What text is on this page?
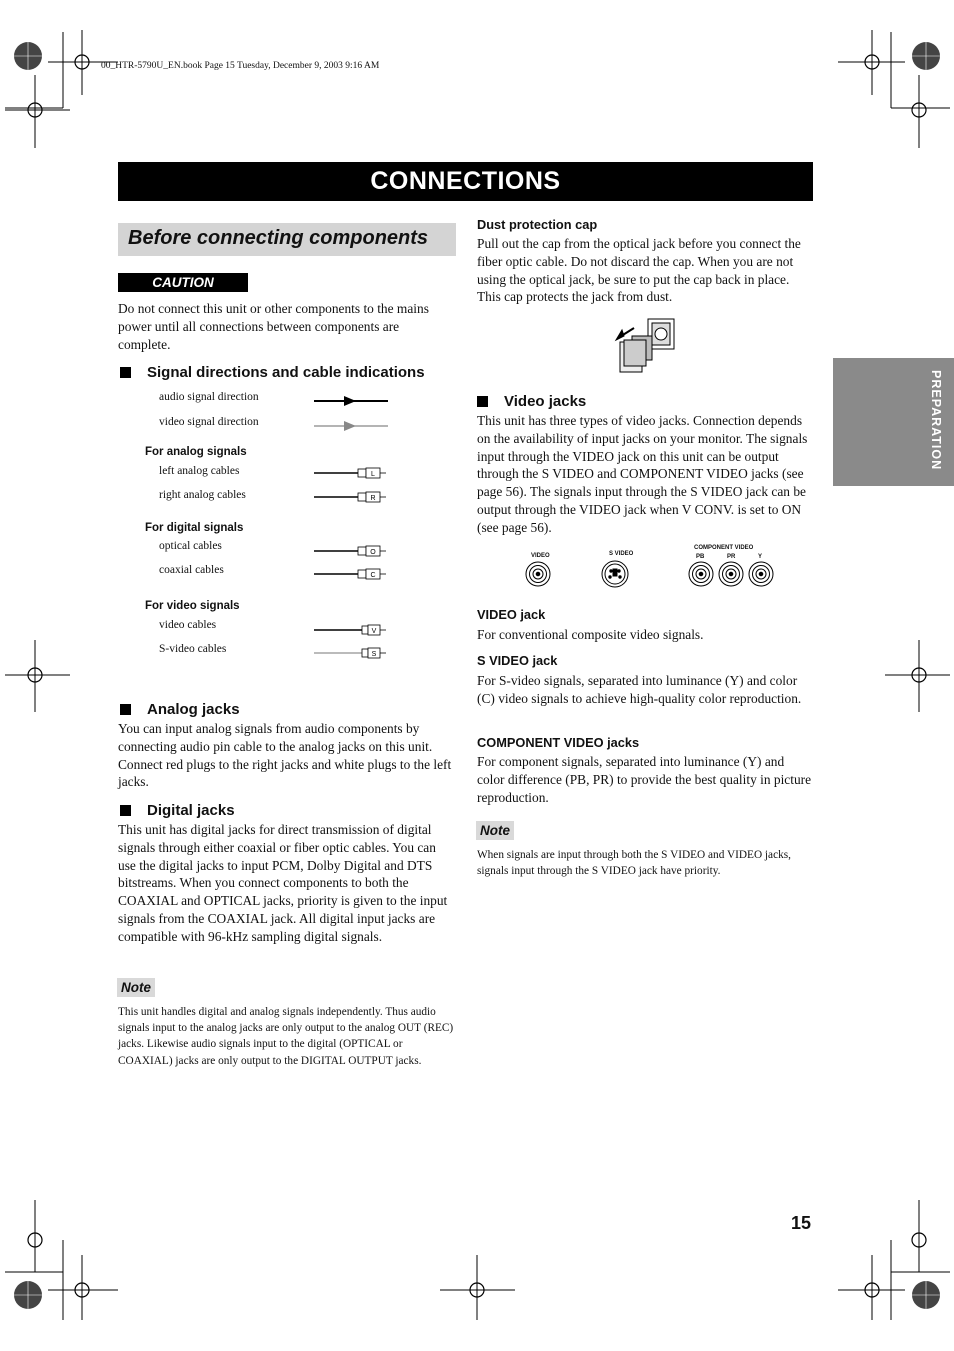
00_HTR-5790U_EN.book Page 15 Tuesday, December 9, 2003 9:16 AM
CONNECTIONS
Before connecting components
CAUTION
Do not connect this unit or other components to the mains power until all connections between components are complete.
Signal directions and cable indications
audio signal direction
video signal direction
For analog signals
left analog cables
right analog cables
For digital signals
optical cables
coaxial cables
For video signals
video cables
S-video cables
L
R
O
C
V
S
Analog jacks
You can input analog signals from audio components by connecting audio pin cable to the analog jacks on this unit. Connect red plugs to the right jacks and white plugs to the left jacks.
Digital jacks
This unit has digital jacks for direct transmission of digital signals through either coaxial or fiber optic cables. You can use the digital jacks to input PCM, Dolby Digital and DTS bitstreams. When you connect components to both the COAXIAL and OPTICAL jacks, priority is given to the input signals from the COAXIAL jack. All digital input jacks are compatible with 96-kHz sampling digital signals.
Note
This unit handles digital and analog signals independently. Thus audio signals input to the analog jacks are only output to the analog OUT (REC) jacks. Likewise audio signals input to the digital (OPTICAL or COAXIAL) jacks are only output to the DIGITAL OUTPUT jacks.
Dust protection cap
Pull out the cap from the optical jack before you connect the fiber optic cable. Do not discard the cap. When you are not using the optical jack, be sure to put the cap back in place. This cap protects the jack from dust.
Video jacks
This unit has three types of video jacks. Connection depends on the availability of input jacks on your monitor. The signals input through the VIDEO jack on this unit can be output through the S VIDEO and COMPONENT VIDEO jacks (see page 56). The signals input through the S VIDEO jack can be output through the VIDEO jack when V CONV. is set to ON (see page 56).
VIDEO	S VIDEO
COMPONENT VIDEO
PB	PR	Y
VIDEO jack
For conventional composite video signals.
S VIDEO jack
For S-video signals, separated into luminance (Y) and color (C) video signals to achieve high-quality color reproduction.
COMPONENT VIDEO jacks
For component signals, separated into luminance (Y) and color difference (PB, PR) to provide the best quality in picture reproduction.
Note
When signals are input through both the S VIDEO and VIDEO jacks, signals input through the S VIDEO jack have priority.
PREPARATION
15
